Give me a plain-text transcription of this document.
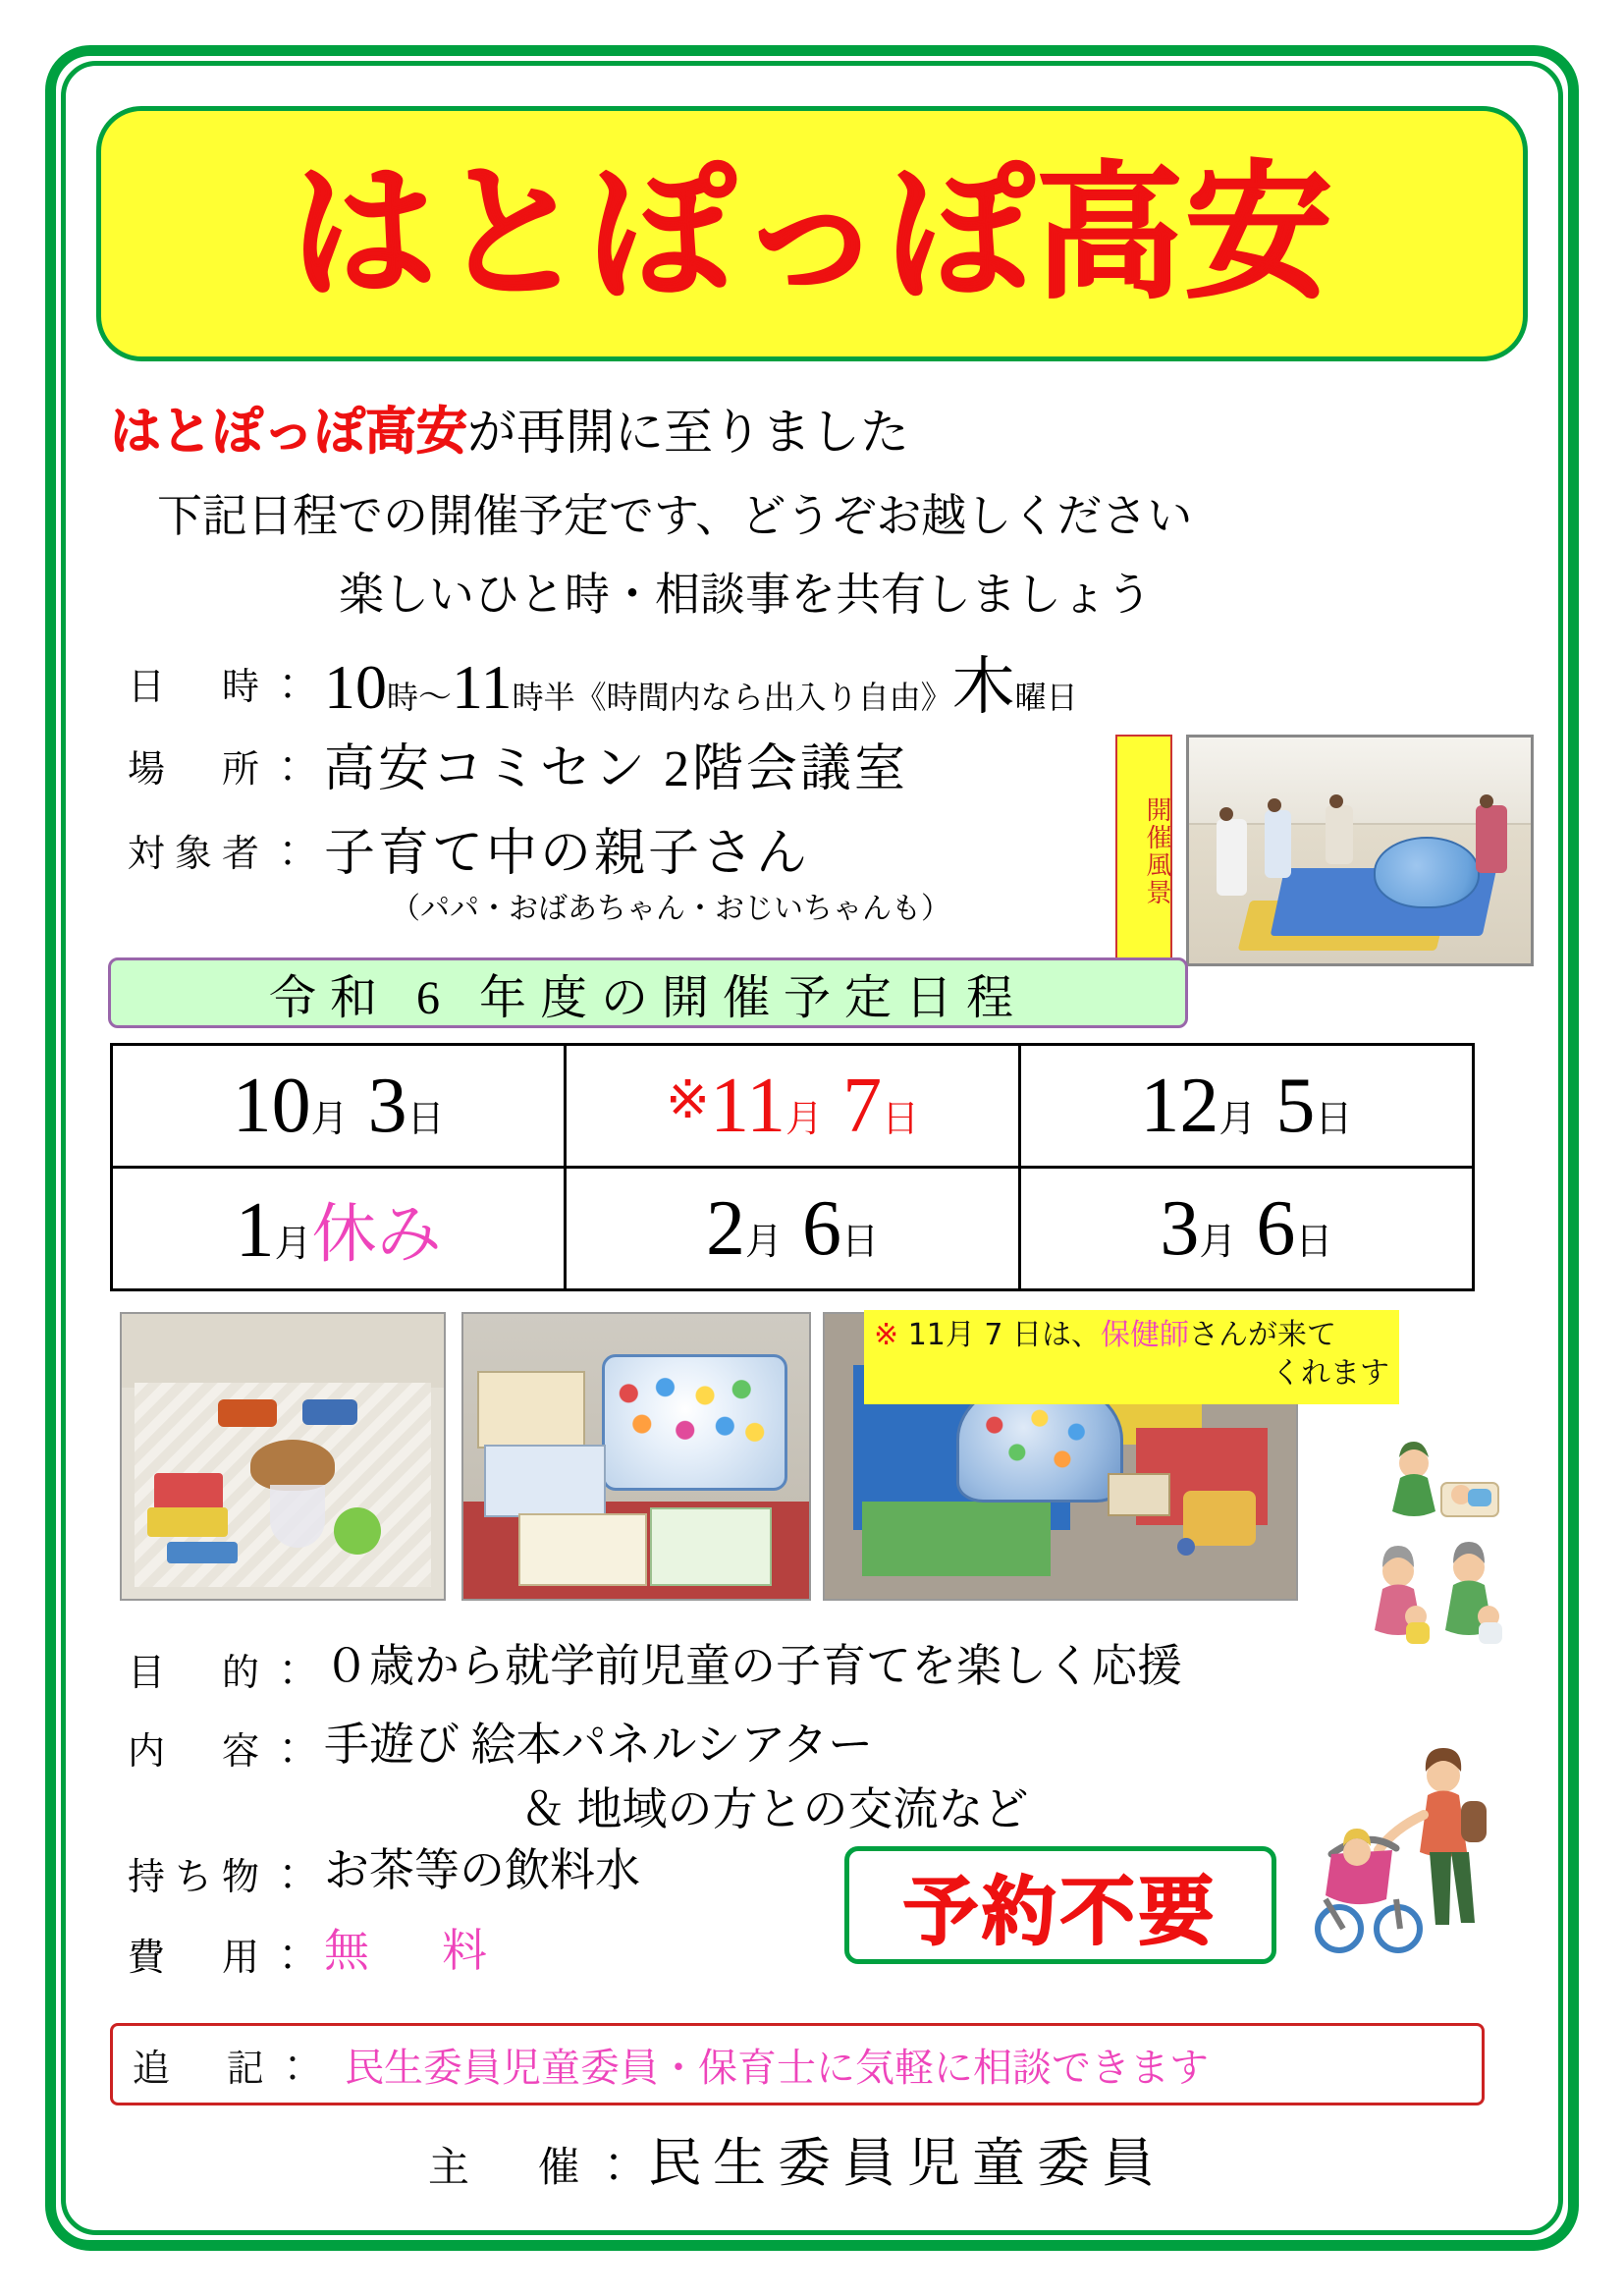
はとぽっぽ高安
はとぽっぽ高安が再開に至りました
下記日程での開催予定です、どうぞお越しください
楽しいひと時・相談事を共有しましょう
日　時： 10時〜11時半《時間内なら出入り自由》木曜日
場　所： 高安コミセン 2階会議室
対象者： 子育て中の親子さん
（パパ・おばあちゃん・おじいちゃんも）
開催風景
令和 6 年度の開催予定日程
10月 3日	※11月 7日	12月 5日
1月休み	2月 6日	3月 6日
※ 11月 7 日は、保健師さんが来て
くれます
目　的： ０歳から就学前児童の子育てを楽しく応援
内　容： 手遊び 絵本パネルシアター
＆ 地域の方との交流など
持ち物： お茶等の飲料水
費　用： 無　料	予約不要
追　記： 民生委員児童委員・保育士に気軽に相談できます
主　催：民生委員児童委員
